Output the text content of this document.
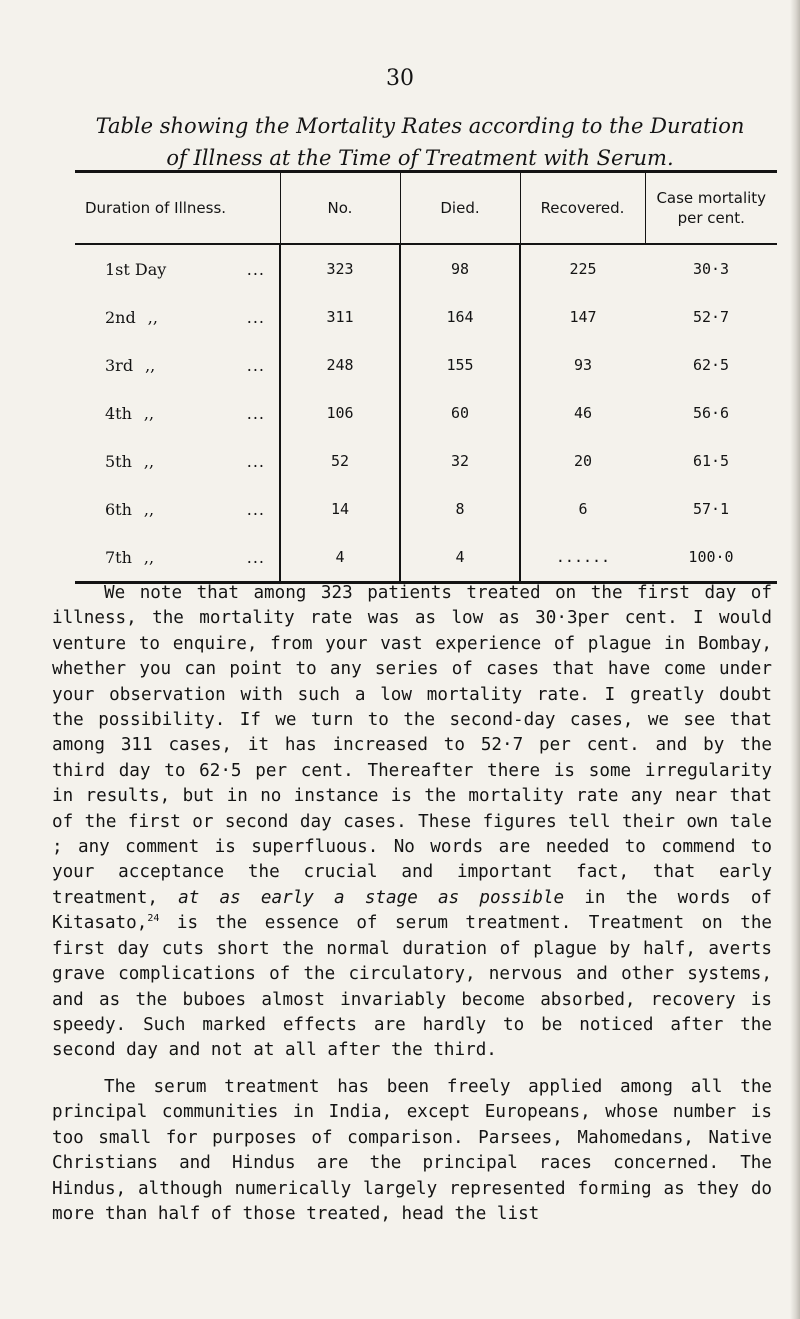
30
Table showing the Mortality Rates according to the Duration
of Illness at the Time of Treatment with Serum.
Duration of Illness.	No.	Died.	Recovered.	Case mortality
per cent.

1st Day ...	323	98	225	30·3

2nd ,, ...	311	164	147	52·7

3rd ,, ...	248	155	93	62·5

4th ,, ...	106	60	46	56·6

5th ,, ...	52	32	20	61·5

6th ,, ...	14	8	6	57·1

7th ,, ...	4	4	......	100·0

We note that among 323 patients treated on the first day of illness, the mortality rate was as low as 30·3per cent. I would venture to enquire, from your vast experience of plague in Bombay, whether you can point to any series of cases that have come under your observation with such a low mortality rate. I greatly doubt the possibility. If we turn to the second-day cases, we see that among 311 cases, it has increased to 52·7 per cent. and by the third day to 62·5 per cent. Thereafter there is some irregularity in results, but in no instance is the mortality rate any near that of the first or second day cases. These figures tell their own tale ; any comment is superfluous. No words are needed to commend to your acceptance the crucial and important fact, that early treatment, at as early a stage as possible in the words of Kitasato,$^{24}$ is the essence of serum treatment. Treatment on the first day cuts short the normal duration of plague by half, averts grave complications of the circulatory, nervous and other systems, and as the buboes almost invariably become absorbed, recovery is speedy. Such marked effects are hardly to be noticed after the second day and not at all after the third.

The serum treatment has been freely applied among all the principal communities in India, except Europeans, whose number is too small for purposes of comparison. Parsees, Mahomedans, Native Christians and Hindus are the principal races concerned. The Hindus, although numerically largely represented forming as they do more than half of those treated, head the list
